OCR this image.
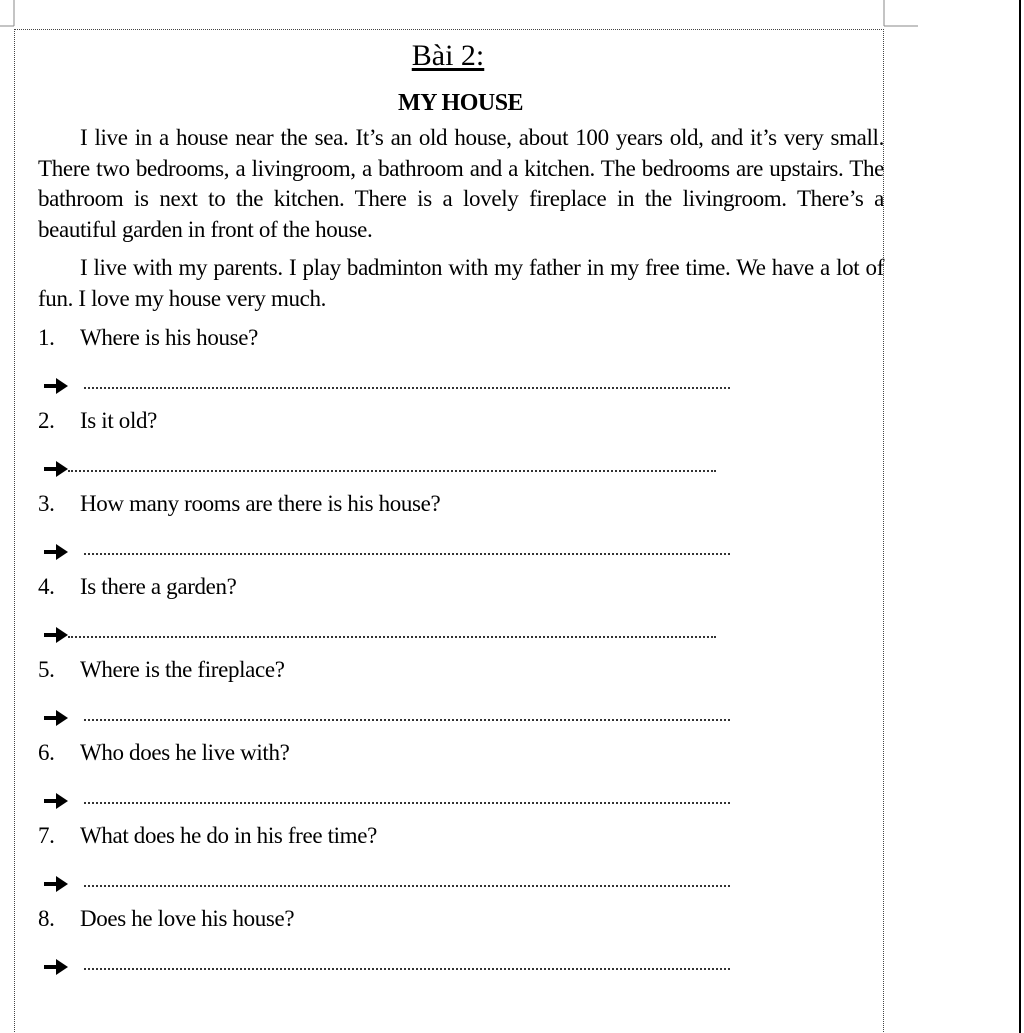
Bài 2:
MY HOUSE
I live in a house near the sea. It’s an old house, about 100 years old, and it’s very small. There two bedrooms, a livingroom, a bathroom and a kitchen. The bedrooms are upstairs. The bathroom is next to the kitchen. There is a lovely fireplace in the livingroom. There’s a beautiful garden in front of the house.
I live with my parents. I play badminton with my father in my free time. We have a lot of fun. I love my house very much.
1.	Where is his house?
2.	Is it old?
3.	How many rooms are there is his house?
4.	Is there a garden?
5.	Where is the fireplace?
6.	Who does he live with?
7.	What does he do in his free time?
8.	Does he love his house?
